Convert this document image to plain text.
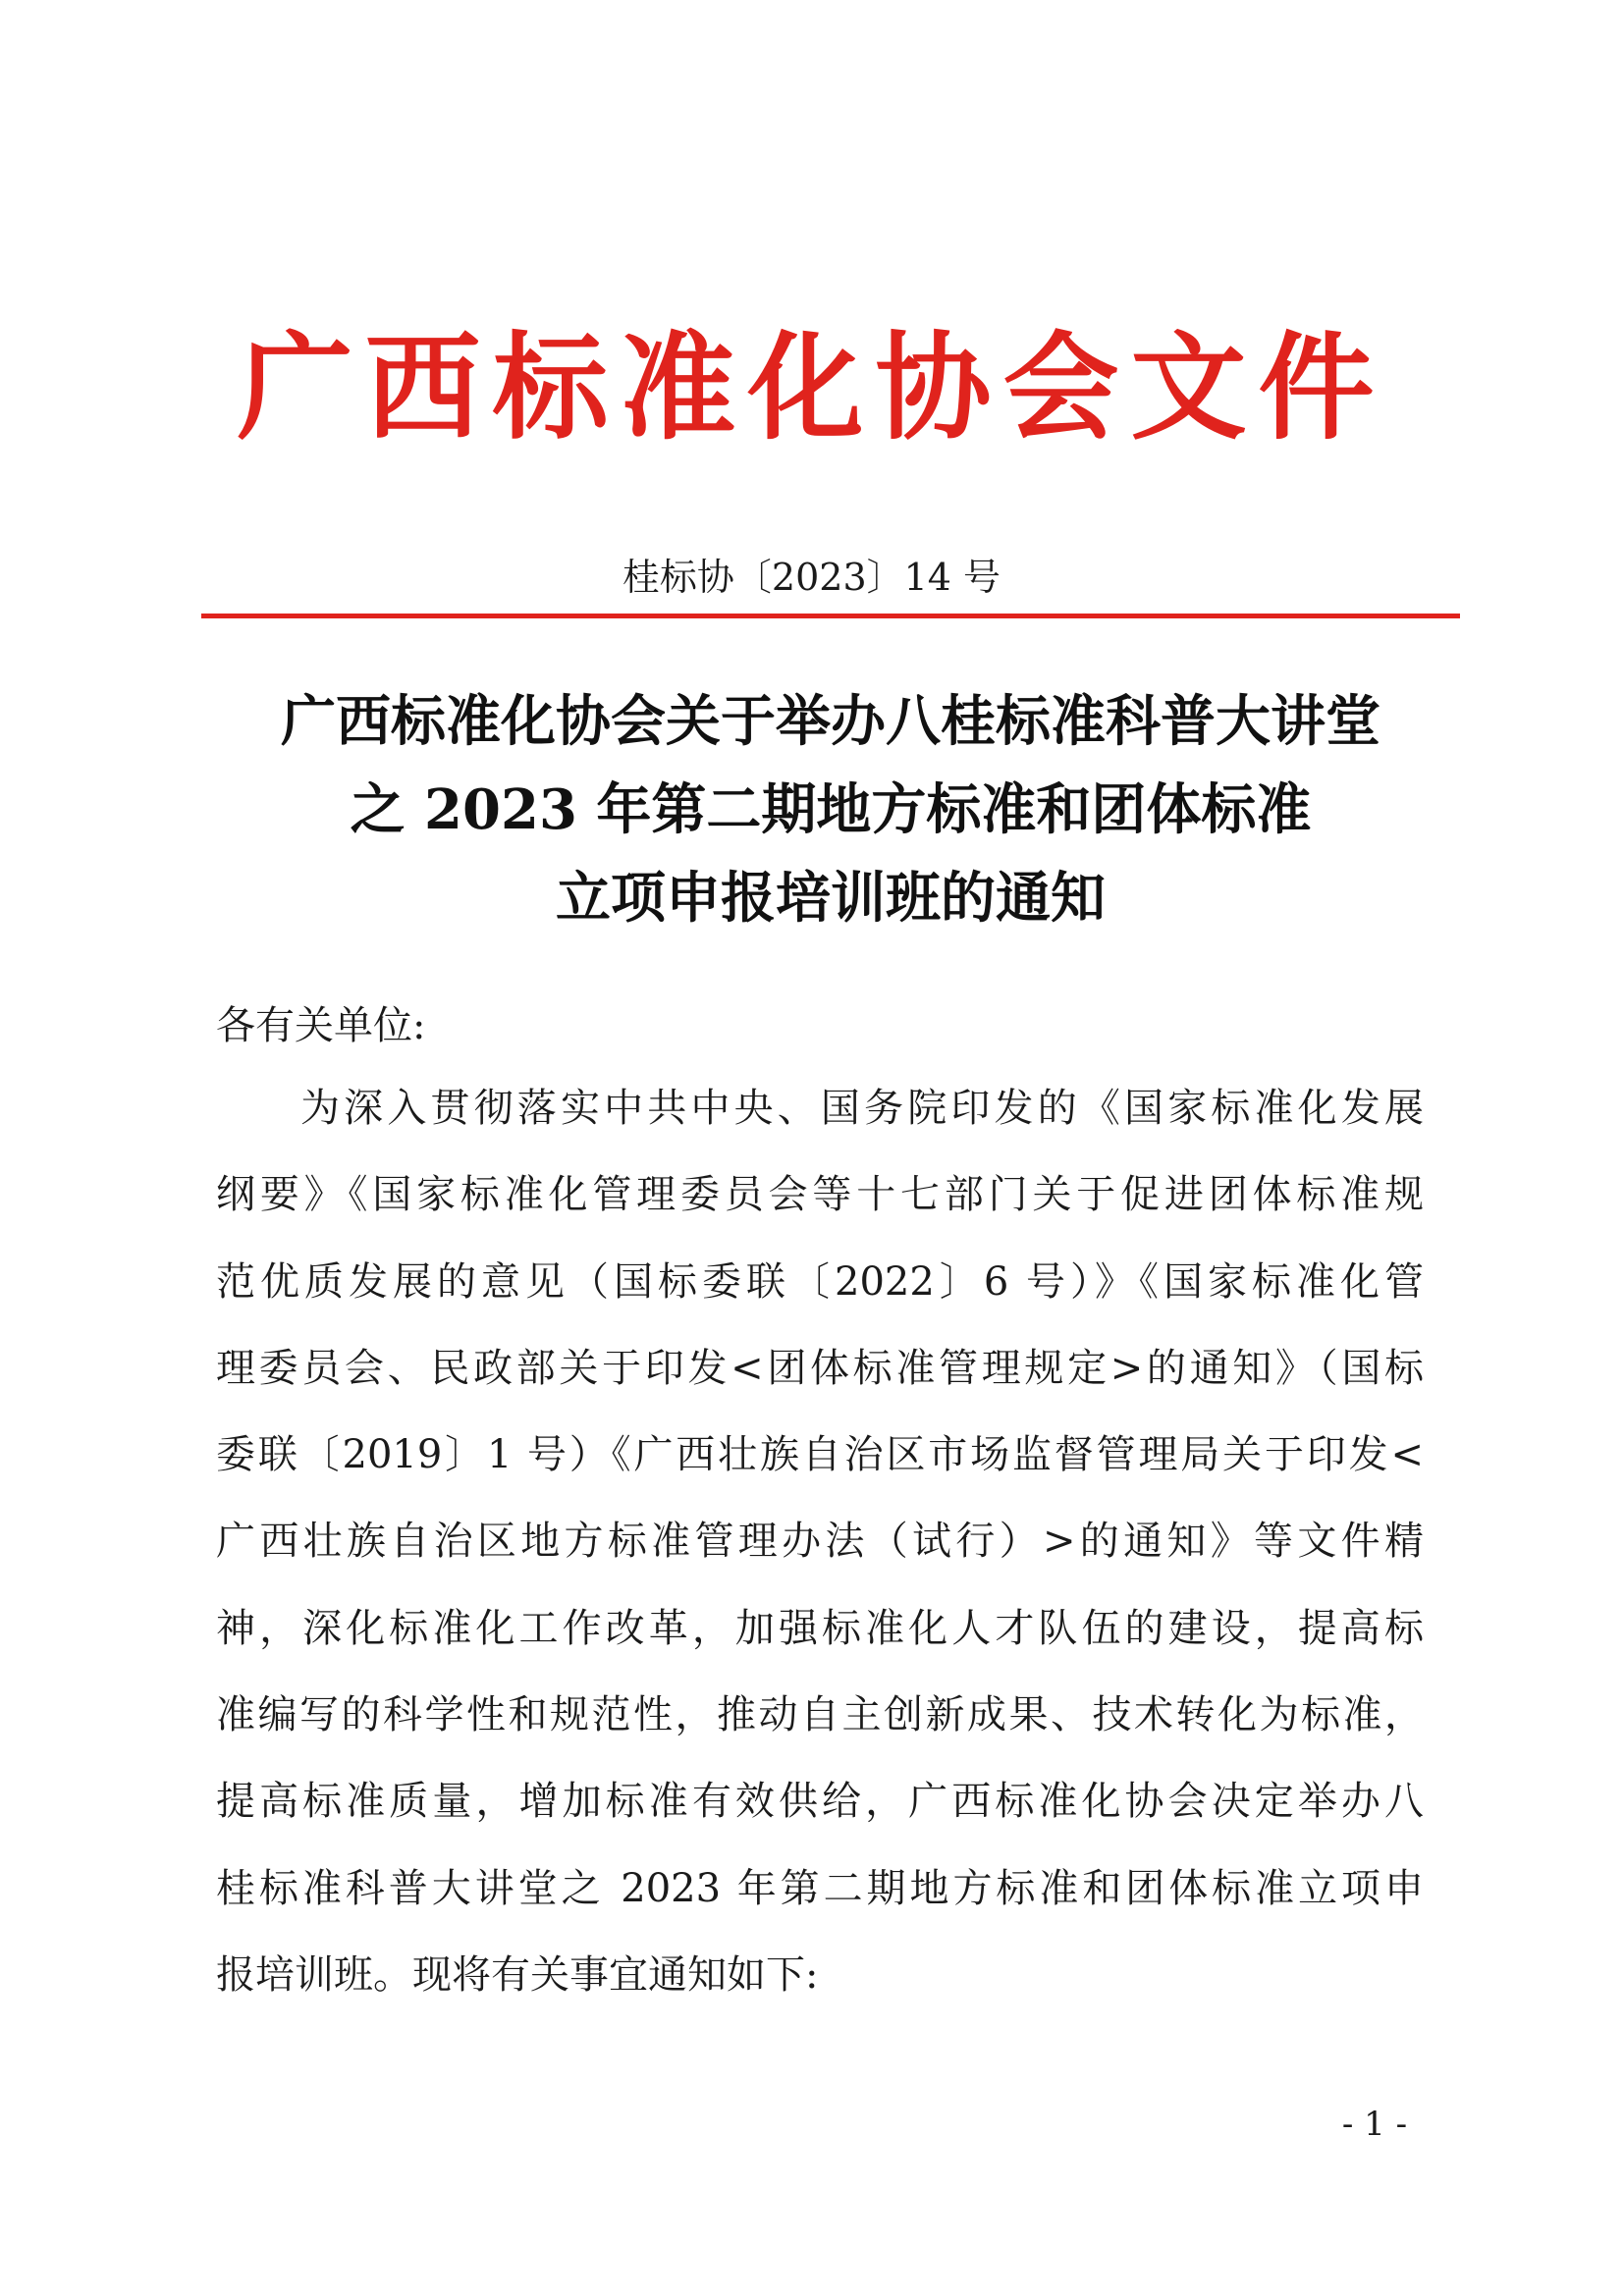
广西标准化协会文件
桂标协〔2023〕14 号
广西标准化协会关于举办八桂标准科普大讲堂
之 2023 年第二期地方标准和团体标准
立项申报培训班的通知
各有关单位:
为深入贯彻落实中共中央、国务院印发的《国家标准化发展
纲要》《国家标准化管理委员会等十七部门关于促进团体标准规
范优质发展的意见（国标委联〔2022〕6 号）》《国家标准化管
理委员会、民政部关于印发<团体标准管理规定>的通知》（国标
委联〔2019〕1 号）《广西壮族自治区市场监督管理局关于印发<
广西壮族自治区地方标准管理办法（试行）>的通知》等文件精
神，深化标准化工作改革，加强标准化人才队伍的建设，提高标
准编写的科学性和规范性，推动自主创新成果、技术转化为标准，
提高标准质量，增加标准有效供给，广西标准化协会决定举办八
桂标准科普大讲堂之 2023 年第二期地方标准和团体标准立项申
报培训班。现将有关事宜通知如下:
- 1 -
